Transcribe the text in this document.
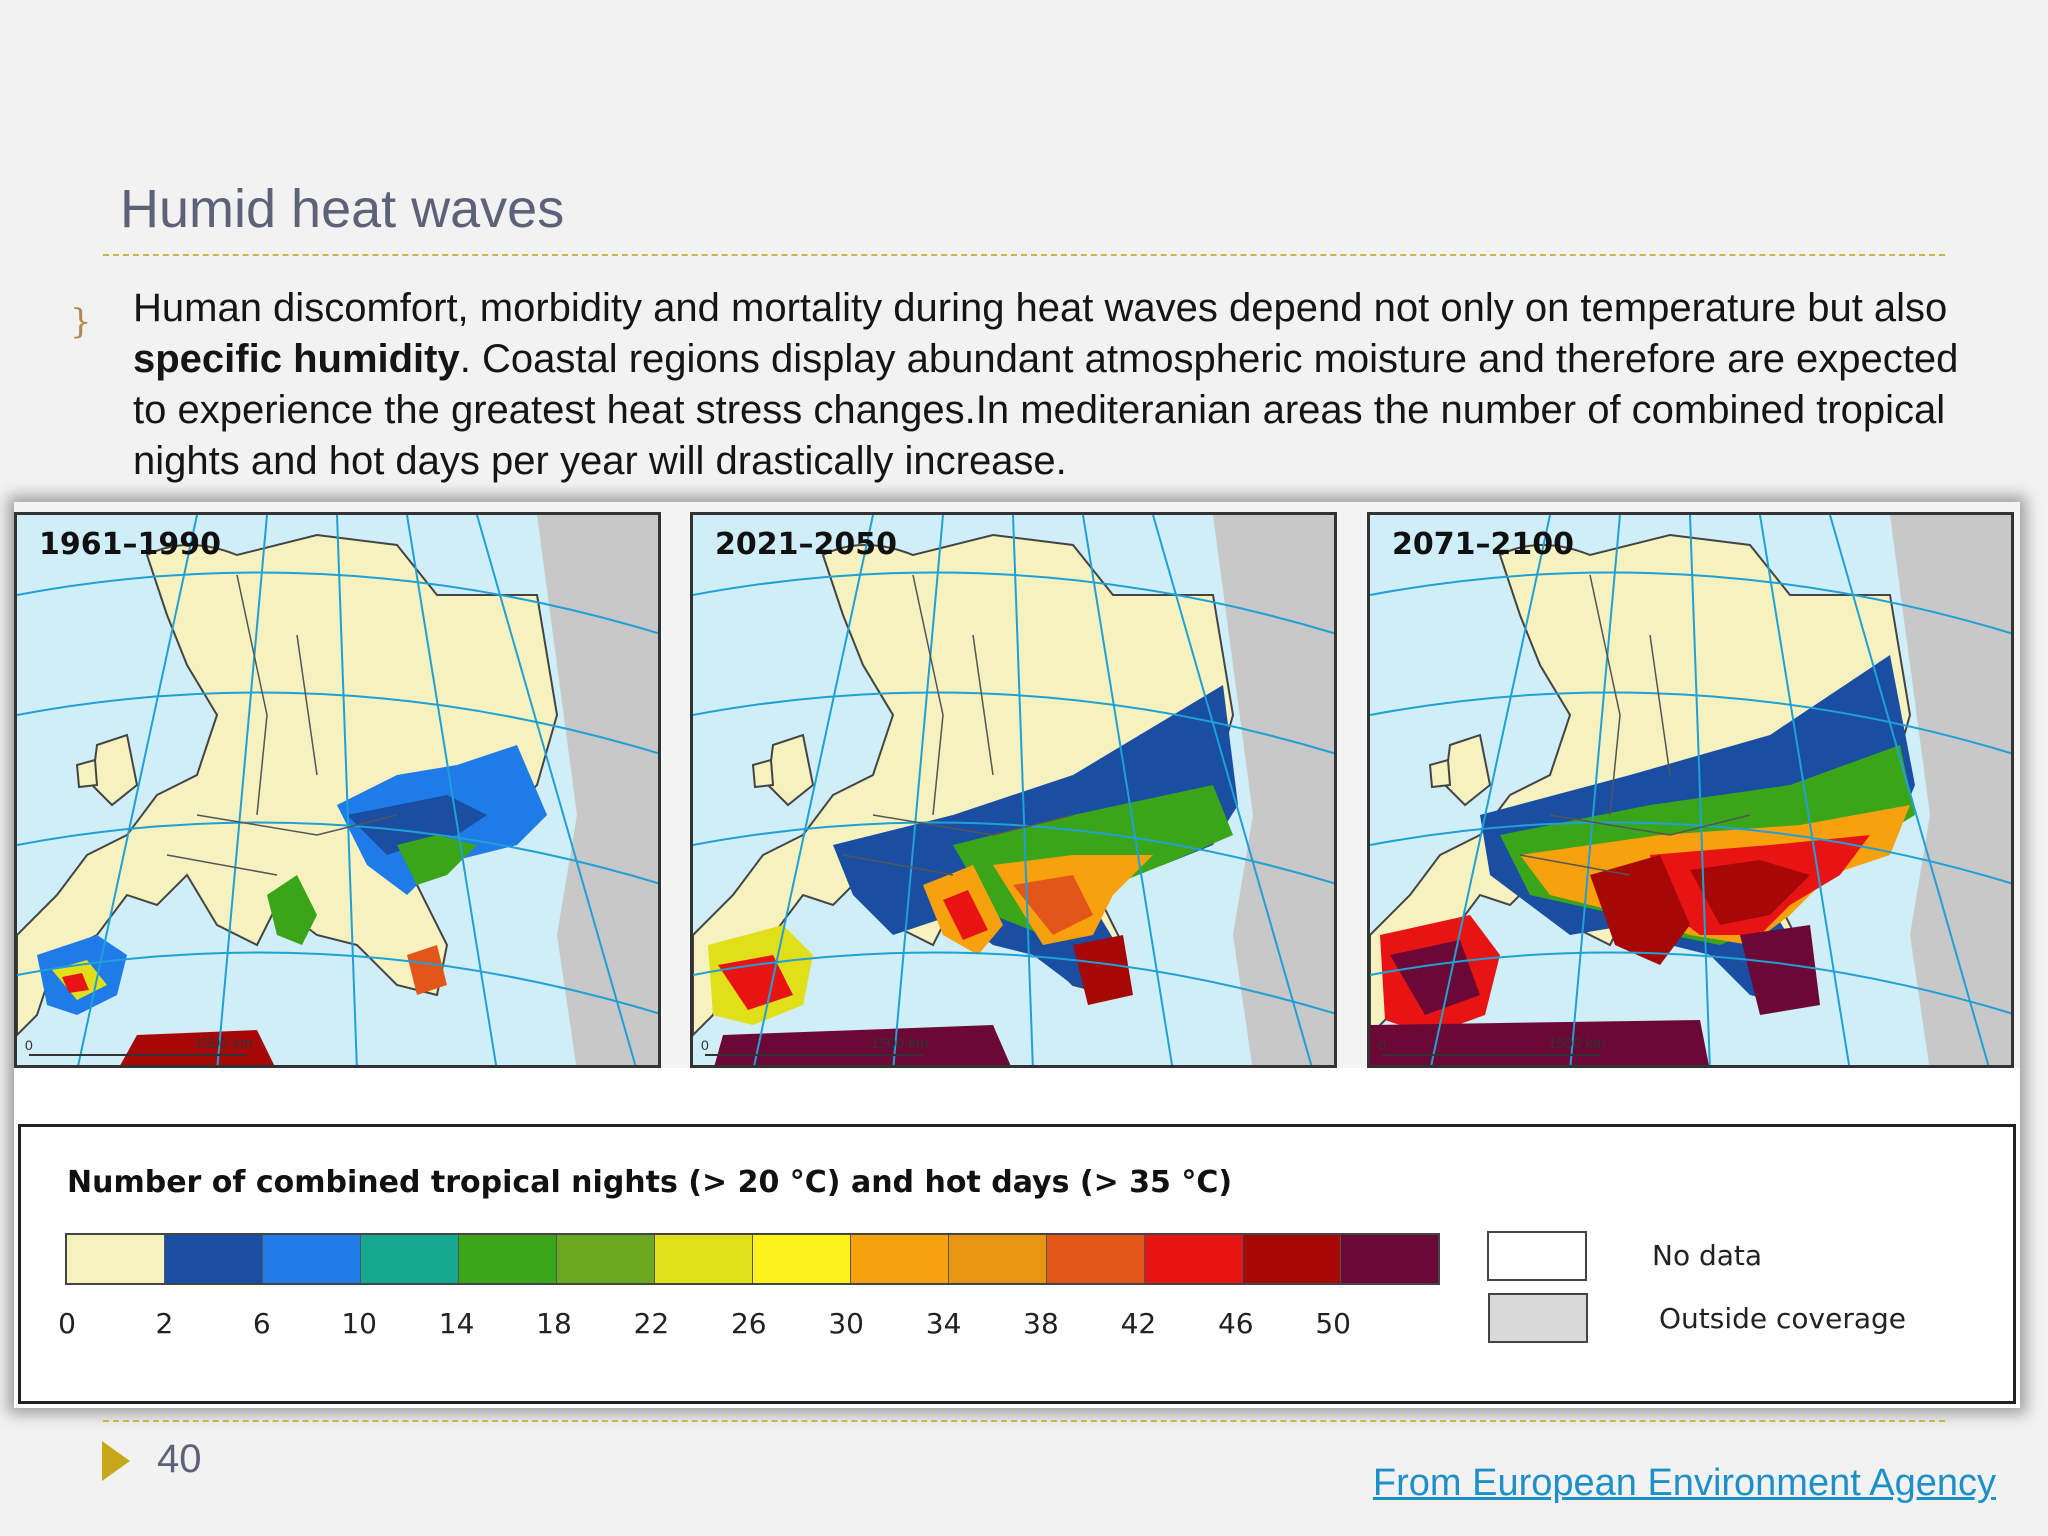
Humid heat waves
} Human discomfort, morbidity and mortality during heat waves depend not only on temperature but also specific humidity. Coastal regions display abundant atmospheric moisture and therefore are expected to experience the greatest heat stress changes.In mediteranian areas the number of combined tropical nights and hot days per year will drastically increase.
1961–1990
0	1500 km
2021–2050
0	1500 km
2071–2100
0	1500 km
Number of combined tropical nights (> 20 °C) and hot days (> 35 °C)
0	2	6	10 14 18 22 26 30 34 38 42 46 50
No data
Outside coverage
40
From European Environment Agency
